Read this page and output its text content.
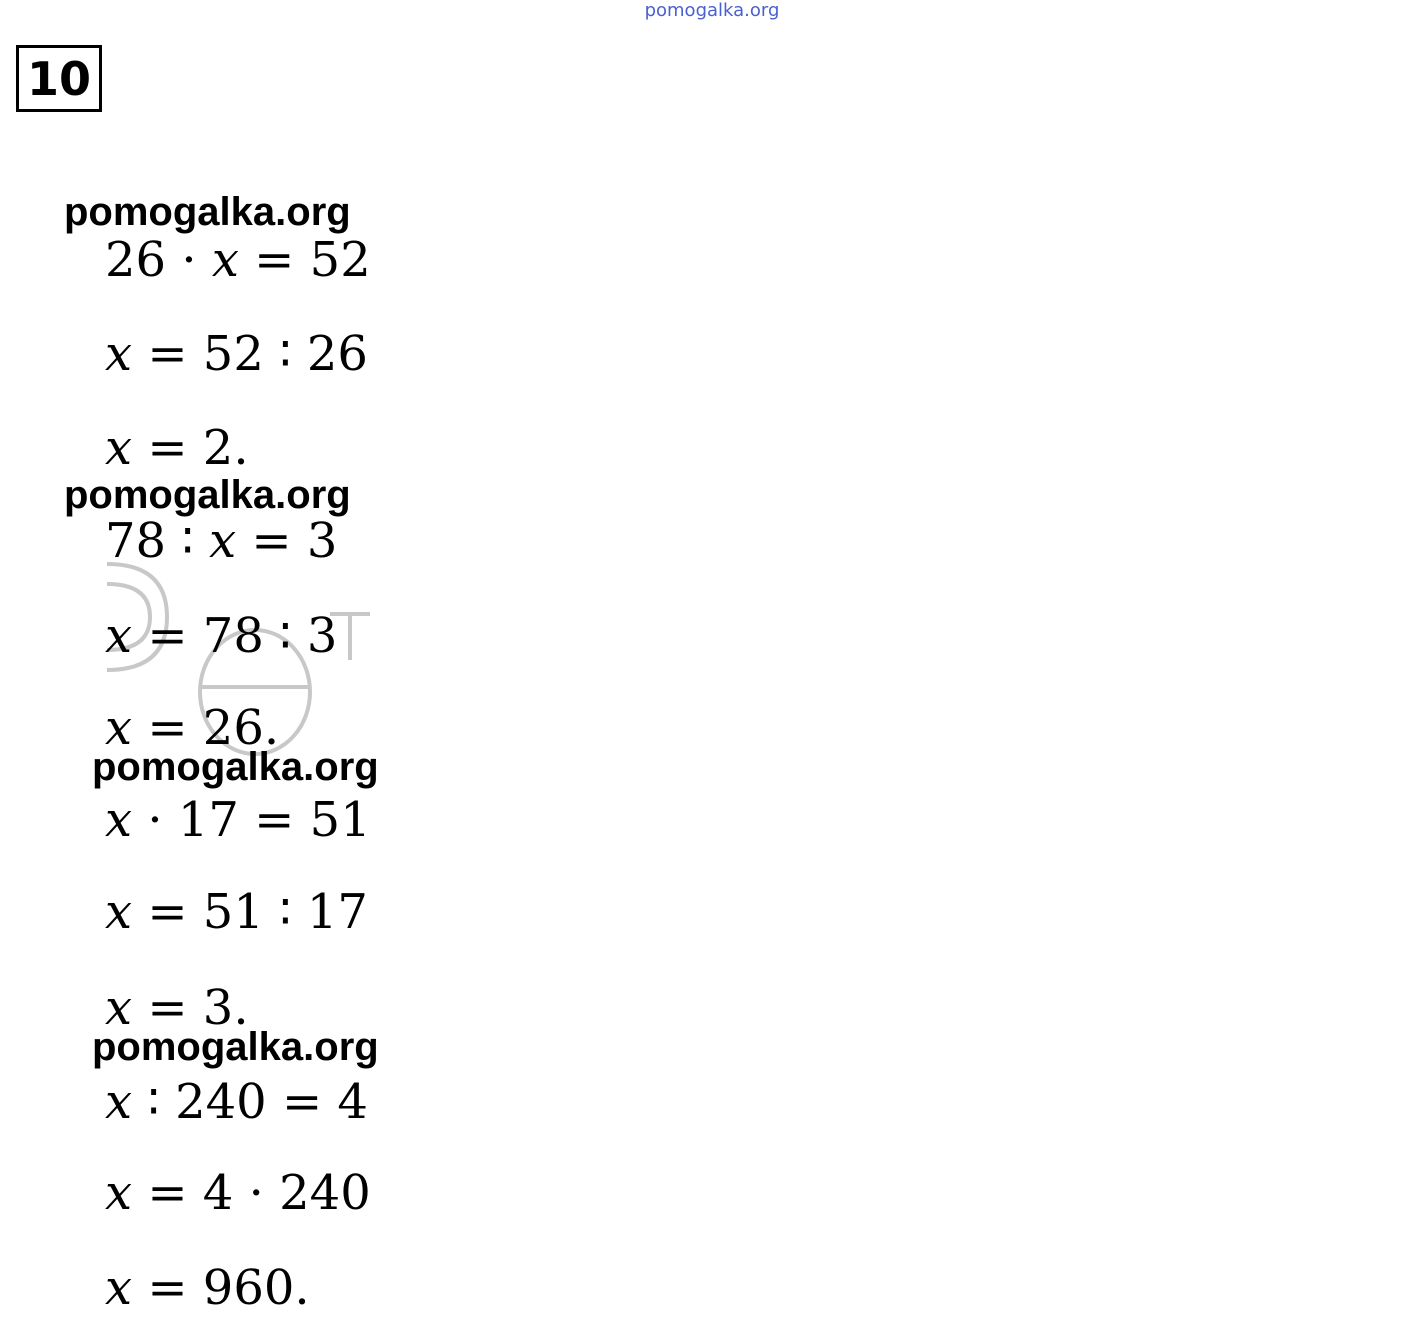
pomogalka.org
10
pomogalka.org
26 · 𝑥 = 52
𝑥 = 52 ∶ 26
𝑥 = 2.
pomogalka.org
78 ∶ 𝑥 = 3
𝑥 = 78 ∶ 3
𝑥 = 26.
pomogalka.org
𝑥 · 17 = 51
𝑥 = 51 ∶ 17
𝑥 = 3.
pomogalka.org
𝑥 ∶ 240 = 4
𝑥 = 4 · 240
𝑥 = 960.
